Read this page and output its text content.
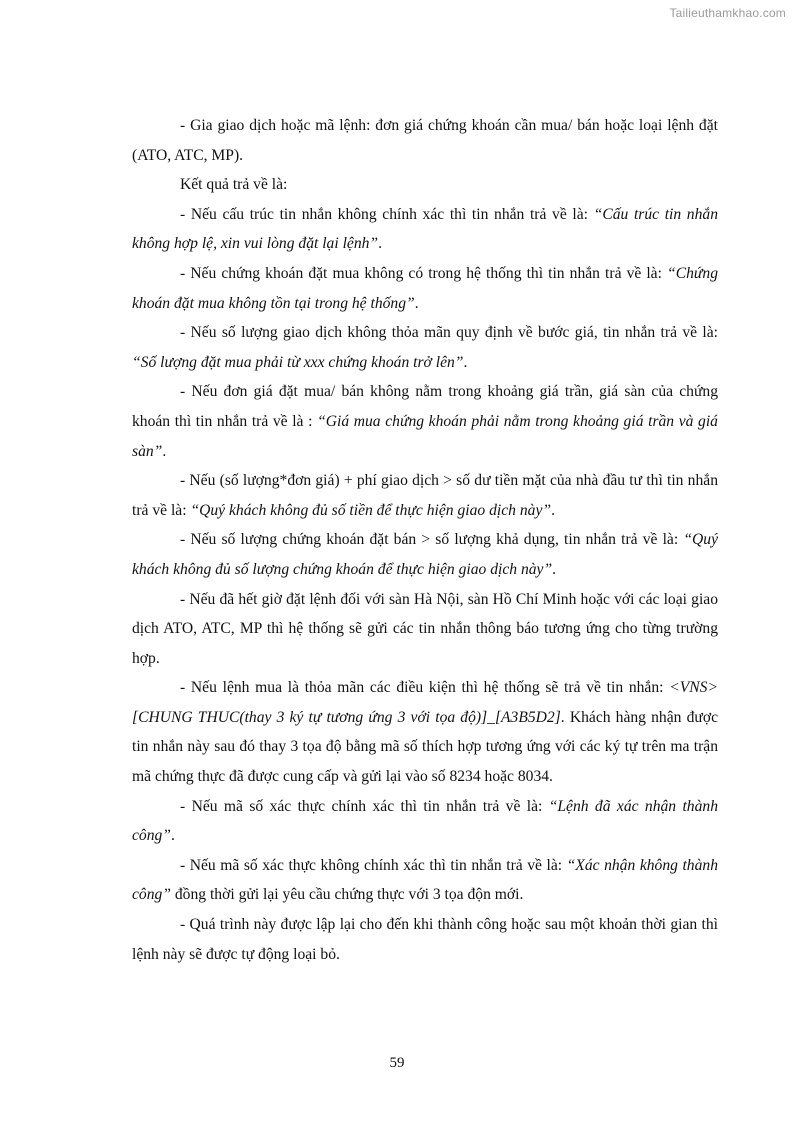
Tailieuthamkhao.com

- Gia giao dịch hoặc mã lệnh: đơn giá chứng khoán cần mua/ bán hoặc loại lệnh đặt (ATO, ATC, MP).

Kết quả trả về là:

- Nếu cấu trúc tin nhắn không chính xác thì tin nhắn trả về là: “Cấu trúc tin nhắn không hợp lệ, xin vui lòng đặt lại lệnh”.

- Nếu chứng khoán đặt mua không có trong hệ thống thì tin nhắn trả về là: “Chứng khoán đặt mua không tồn tại trong hệ thống”.

- Nếu số lượng giao dịch không thỏa mãn quy định về bước giá, tin nhắn trả về là: “Số lượng đặt mua phải từ xxx chứng khoán trở lên”.

- Nếu đơn giá đặt mua/ bán không nằm trong khoảng giá trần, giá sàn của chứng khoán thì tin nhắn trả về là : “Giá mua chứng khoán phải nằm trong khoảng giá trần và giá sàn”.

- Nếu (số lượng*đơn giá) + phí giao dịch > số dư tiền mặt của nhà đầu tư thì tin nhắn trả về là: “Quý khách không đủ số tiền để thực hiện giao dịch này”.

- Nếu số lượng chứng khoán đặt bán > số lượng khả dụng, tin nhắn trả về là: “Quý khách không đủ số lượng chứng khoán để thực hiện giao dịch này”.

- Nếu đã hết giờ đặt lệnh đối với sàn Hà Nội, sàn Hồ Chí Minh hoặc với các loại giao dịch ATO, ATC, MP thì hệ thống sẽ gửi các tin nhắn thông báo tương ứng cho từng trường hợp.

- Nếu lệnh mua là thỏa mãn các điều kiện thì hệ thống sẽ trả về tin nhắn: <VNS> [CHUNG THUC(thay 3 ký tự tương ứng 3 với tọa độ)]_[A3B5D2]. Khách hàng nhận được tin nhắn này sau đó thay 3 tọa độ bằng mã số thích hợp tương ứng với các ký tự trên ma trận mã chứng thực đã được cung cấp và gửi lại vào số 8234 hoặc 8034.

- Nếu mã số xác thực chính xác thì tin nhắn trả về là: “Lệnh đã xác nhận thành công”.

- Nếu mã số xác thực không chính xác thì tin nhắn trả về là: “Xác nhận không thành công” đồng thời gửi lại yêu cầu chứng thực với 3 tọa độn mới.

- Quá trình này được lập lại cho đến khi thành công hoặc sau một khoản thời gian thì lệnh này sẽ được tự động loại bỏ.

59
